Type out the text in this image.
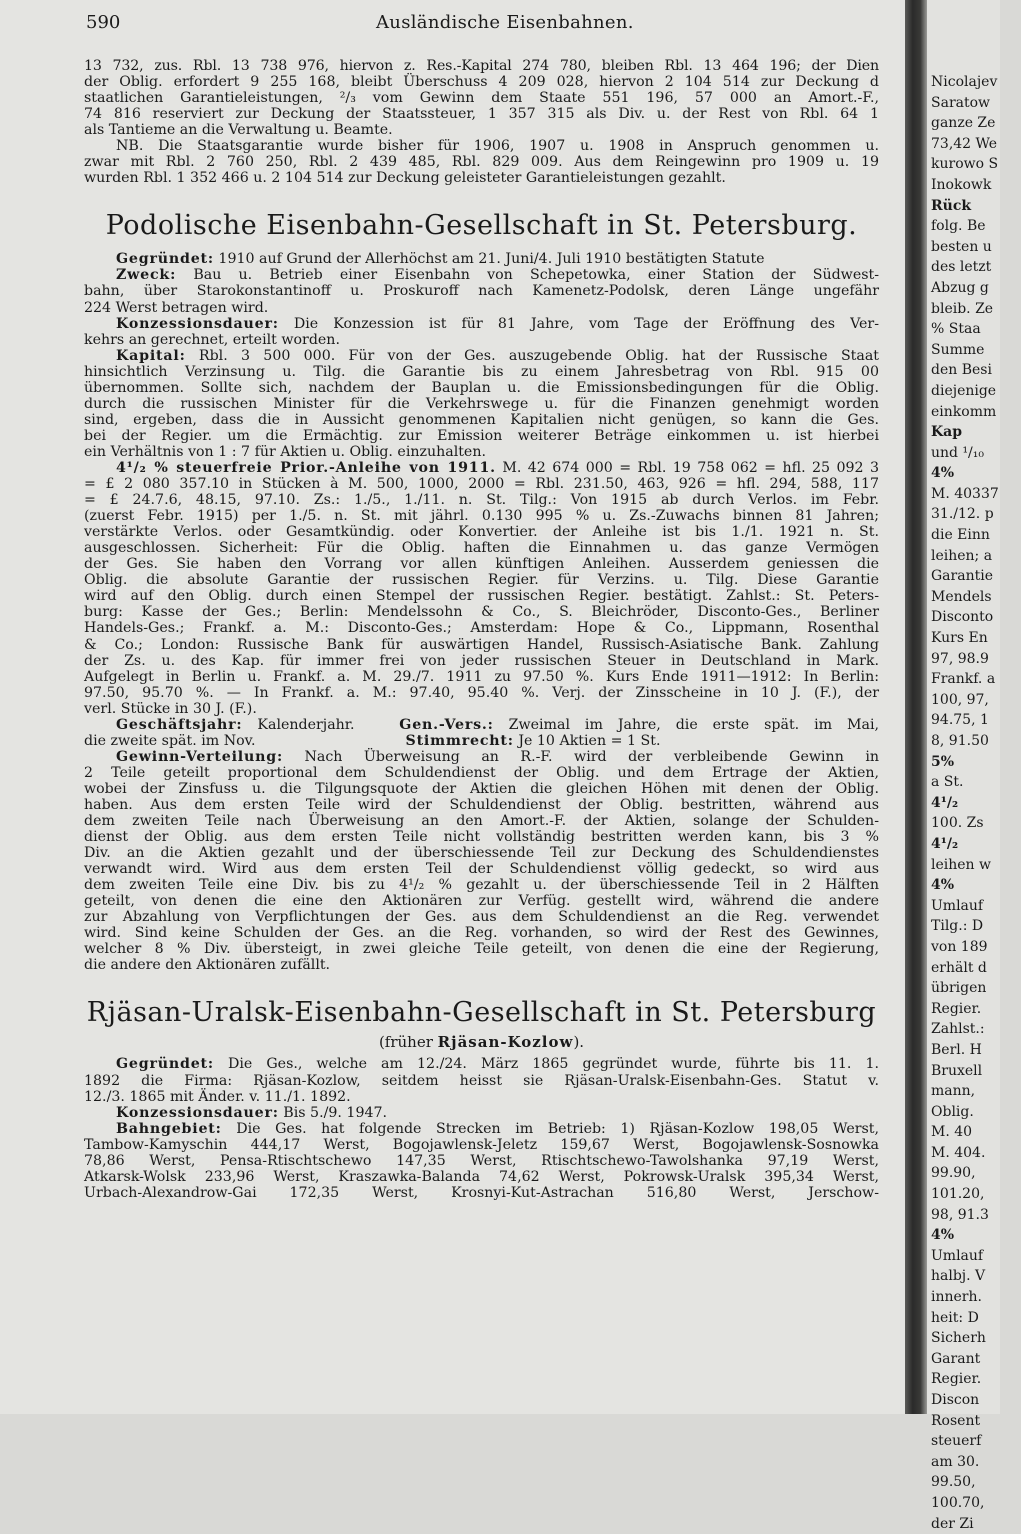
590	Ausländische Eisenbahnen.
13 732, zus. Rbl. 13 738 976, hiervon z. Res.-Kapital 274 780, bleiben Rbl. 13 464 196; der Dien
der Oblig. erfordert 9 255 168, bleibt Überschuss 4 209 028, hiervon 2 104 514 zur Deckung d
staatlichen Garantieleistungen, ²/₃ vom Gewinn dem Staate 551 196, 57 000 an Amort.-F.,
74 816 reserviert zur Deckung der Staatssteuer, 1 357 315 als Div. u. der Rest von Rbl. 64 1
als Tantieme an die Verwaltung u. Beamte.
NB. Die Staatsgarantie wurde bisher für 1906, 1907 u. 1908 in Anspruch genommen u.
zwar mit Rbl. 2 760 250, Rbl. 2 439 485, Rbl. 829 009. Aus dem Reingewinn pro 1909 u. 19
wurden Rbl. 1 352 466 u. 2 104 514 zur Deckung geleisteter Garantieleistungen gezahlt.
Podolische Eisenbahn-Gesellschaft in St. Petersburg.
Gegründet: 1910 auf Grund der Allerhöchst am 21. Juni/4. Juli 1910 bestätigten Statute
Zweck: Bau u. Betrieb einer Eisenbahn von Schepetowka, einer Station der Südwest-
bahn, über Starokonstantinoff u. Proskuroff nach Kamenetz-Podolsk, deren Länge ungefähr
224 Werst betragen wird.
Konzessionsdauer: Die Konzession ist für 81 Jahre, vom Tage der Eröffnung des Ver-
kehrs an gerechnet, erteilt worden.
Kapital: Rbl. 3 500 000. Für von der Ges. auszugebende Oblig. hat der Russische Staat
hinsichtlich Verzinsung u. Tilg. die Garantie bis zu einem Jahresbetrag von Rbl. 915 00
übernommen. Sollte sich, nachdem der Bauplan u. die Emissionsbedingungen für die Oblig.
durch die russischen Minister für die Verkehrswege u. für die Finanzen genehmigt worden
sind, ergeben, dass die in Aussicht genommenen Kapitalien nicht genügen, so kann die Ges.
bei der Regier. um die Ermächtig. zur Emission weiterer Beträge einkommen u. ist hierbei
ein Verhältnis von 1 : 7 für Aktien u. Oblig. einzuhalten.
4¹/₂ % steuerfreie Prior.-Anleihe von 1911. M. 42 674 000 = Rbl. 19 758 062 = hfl. 25 092 3
= £ 2 080 357.10 in Stücken à M. 500, 1000, 2000 = Rbl. 231.50, 463, 926 = hfl. 294, 588, 117
= £ 24.7.6, 48.15, 97.10. Zs.: 1./5., 1./11. n. St. Tilg.: Von 1915 ab durch Verlos. im Febr.
(zuerst Febr. 1915) per 1./5. n. St. mit jährl. 0.130 995 % u. Zs.-Zuwachs binnen 81 Jahren;
verstärkte Verlos. oder Gesamtkündig. oder Konvertier. der Anleihe ist bis 1./1. 1921 n. St.
ausgeschlossen. Sicherheit: Für die Oblig. haften die Einnahmen u. das ganze Vermögen
der Ges. Sie haben den Vorrang vor allen künftigen Anleihen. Ausserdem geniessen die
Oblig. die absolute Garantie der russischen Regier. für Verzins. u. Tilg. Diese Garantie
wird auf den Oblig. durch einen Stempel der russischen Regier. bestätigt. Zahlst.: St. Peters-
burg: Kasse der Ges.; Berlin: Mendelssohn & Co., S. Bleichröder, Disconto-Ges., Berliner
Handels-Ges.; Frankf. a. M.: Disconto-Ges.; Amsterdam: Hope & Co., Lippmann, Rosenthal
& Co.; London: Russische Bank für auswärtigen Handel, Russisch-Asiatische Bank. Zahlung
der Zs. u. des Kap. für immer frei von jeder russischen Steuer in Deutschland in Mark.
Aufgelegt in Berlin u. Frankf. a. M. 29./7. 1911 zu 97.50 %. Kurs Ende 1911—1912: In Berlin:
97.50, 95.70 %. — In Frankf. a. M.: 97.40, 95.40 %. Verj. der Zinsscheine in 10 J. (F.), der
verl. Stücke in 30 J. (F.).
Geschäftsjahr: Kalenderjahr.	Gen.-Vers.: Zweimal im Jahre, die erste spät. im Mai,
die zweite spät. im Nov.	Stimmrecht: Je 10 Aktien = 1 St.
Gewinn-Verteilung: Nach Überweisung an R.-F. wird der verbleibende Gewinn in
2 Teile geteilt proportional dem Schuldendienst der Oblig. und dem Ertrage der Aktien,
wobei der Zinsfuss u. die Tilgungsquote der Aktien die gleichen Höhen mit denen der Oblig.
haben. Aus dem ersten Teile wird der Schuldendienst der Oblig. bestritten, während aus
dem zweiten Teile nach Überweisung an den Amort.-F. der Aktien, solange der Schulden-
dienst der Oblig. aus dem ersten Teile nicht vollständig bestritten werden kann, bis 3 %
Div. an die Aktien gezahlt und der überschiessende Teil zur Deckung des Schuldendienstes
verwandt wird. Wird aus dem ersten Teil der Schuldendienst völlig gedeckt, so wird aus
dem zweiten Teile eine Div. bis zu 4¹/₂ % gezahlt u. der überschiessende Teil in 2 Hälften
geteilt, von denen die eine den Aktionären zur Verfüg. gestellt wird, während die andere
zur Abzahlung von Verpflichtungen der Ges. aus dem Schuldendienst an die Reg. verwendet
wird. Sind keine Schulden der Ges. an die Reg. vorhanden, so wird der Rest des Gewinnes,
welcher 8 % Div. übersteigt, in zwei gleiche Teile geteilt, von denen die eine der Regierung,
die andere den Aktionären zufällt.
Rjäsan-Uralsk-Eisenbahn-Gesellschaft in St. Petersburg
(früher Rjäsan-Kozlow).
Gegründet: Die Ges., welche am 12./24. März 1865 gegründet wurde, führte bis 11. 1.
1892 die Firma: Rjäsan-Kozlow, seitdem heisst sie Rjäsan-Uralsk-Eisenbahn-Ges. Statut v.
12./3. 1865 mit Änder. v. 11./1. 1892.
Konzessionsdauer: Bis 5./9. 1947.
Bahngebiet: Die Ges. hat folgende Strecken im Betrieb: 1) Rjäsan-Kozlow 198,05 Werst,
Tambow-Kamyschin 444,17 Werst, Bogojawlensk-Jeletz 159,67 Werst, Bogojawlensk-Sosnowka
78,86 Werst, Pensa-Rtischtschewo 147,35 Werst, Rtischtschewo-Tawolshanka 97,19 Werst,
Atkarsk-Wolsk 233,96 Werst, Kraszawka-Balanda 74,62 Werst, Pokrowsk-Uralsk 395,34 Werst,
Urbach-Alexandrow-Gai 172,35 Werst, Krosnyi-Kut-Astrachan 516,80 Werst, Jerschow-
Nicolajev
Saratow
ganze Ze
73,42 We
kurowo S
Inokowk
Rück
folg. Be
besten u
des letzt
Abzug g
bleib. Ze
% Staa
Summe
den Besi
diejenige
einkomm
Kap
und ¹/₁₀
4%
M. 40337
31./12. p
die Einn
leihen; a
Garantie
Mendels
Disconto
Kurs En
97, 98.9
Frankf. a
100, 97,
94.75, 1
8, 91.50
5%
a St.
4¹/₂
100. Zs
4¹/₂
leihen w
4%
Umlauf
Tilg.: D
von 189
erhält d
übrigen
Regier.
Zahlst.:
Berl. H
Bruxell
mann,
Oblig.
M. 40
M. 404.
99.90,
101.20,
98, 91.3
4%
Umlauf
halbj. V
innerh.
heit: D
Sicherh
Garant
Regier.
Discon
Rosent
steuerf
am 30.
99.50,
100.70,
der Zi
